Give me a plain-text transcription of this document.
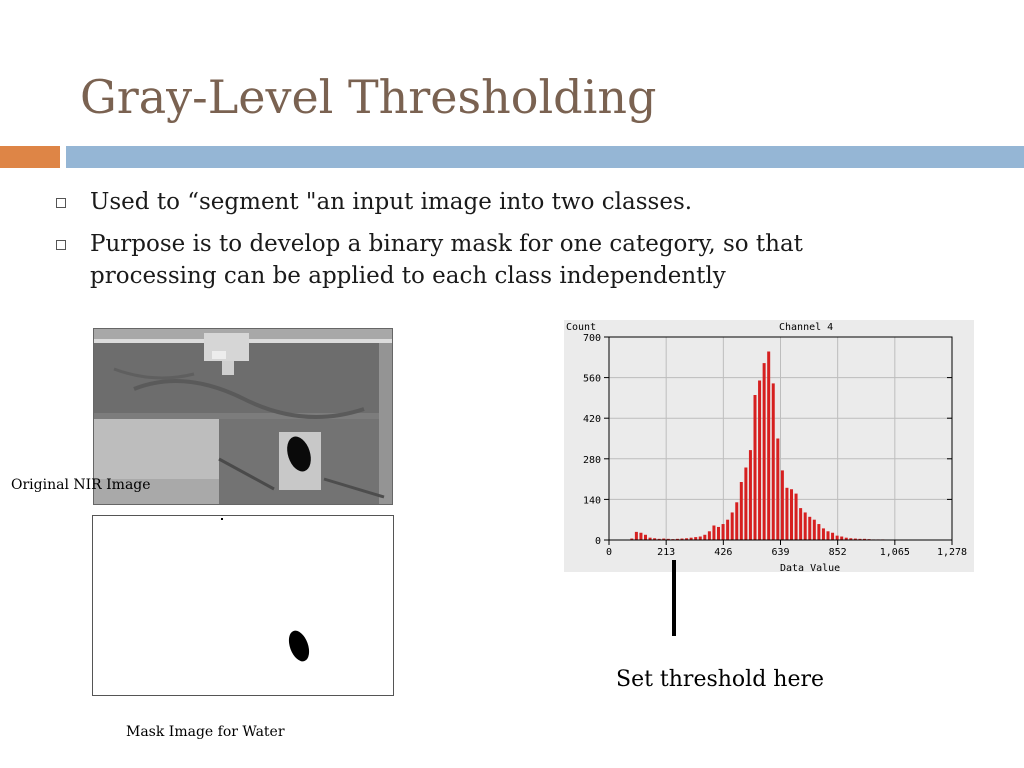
Gray-Level Thresholding
Used to “segment "an input image into two classes.
Purpose is to develop a binary mask for one category, so that processing can be applied to each class independently
Original NIR Image
Mask Image for Water
Count	Channel 4
Data Value
0	213	426	639	852	1,065	1,278
0
140
280
420
560
700
Set threshold here
